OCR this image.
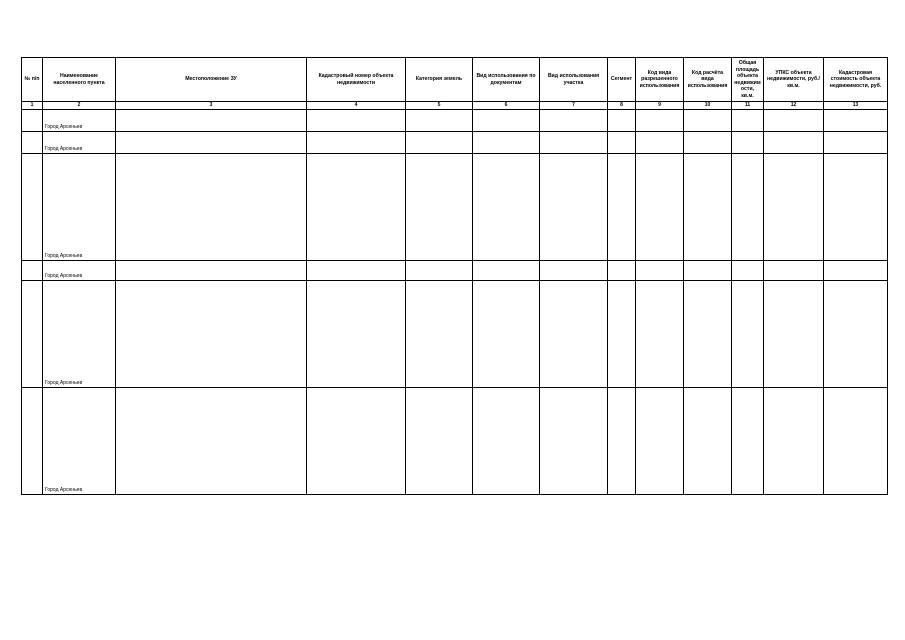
№ п/п	Наименование населенного пункта	Местоположение ЗУ	Кадастровый номер объекта недвижимости	Категория земель	Вид использования по документам	Вид использования участка	Сегмент	Код вида разрешенного использования	Код расчёта вида использования	Общая площадь объекта недвижимости, кв.м.	УПКС объекта недвижимости, руб./кв.м.	Кадастровая стоимость объекта недвижимости, руб.
1	2	3	4	5	6	7	8	9	10	11	12	13
	Город Арсеньев											
	Город Арсеньев											
	Город Арсеньев											
	Город Арсеньев											
	Город Арсеньев											
	Город Арсеньев											
